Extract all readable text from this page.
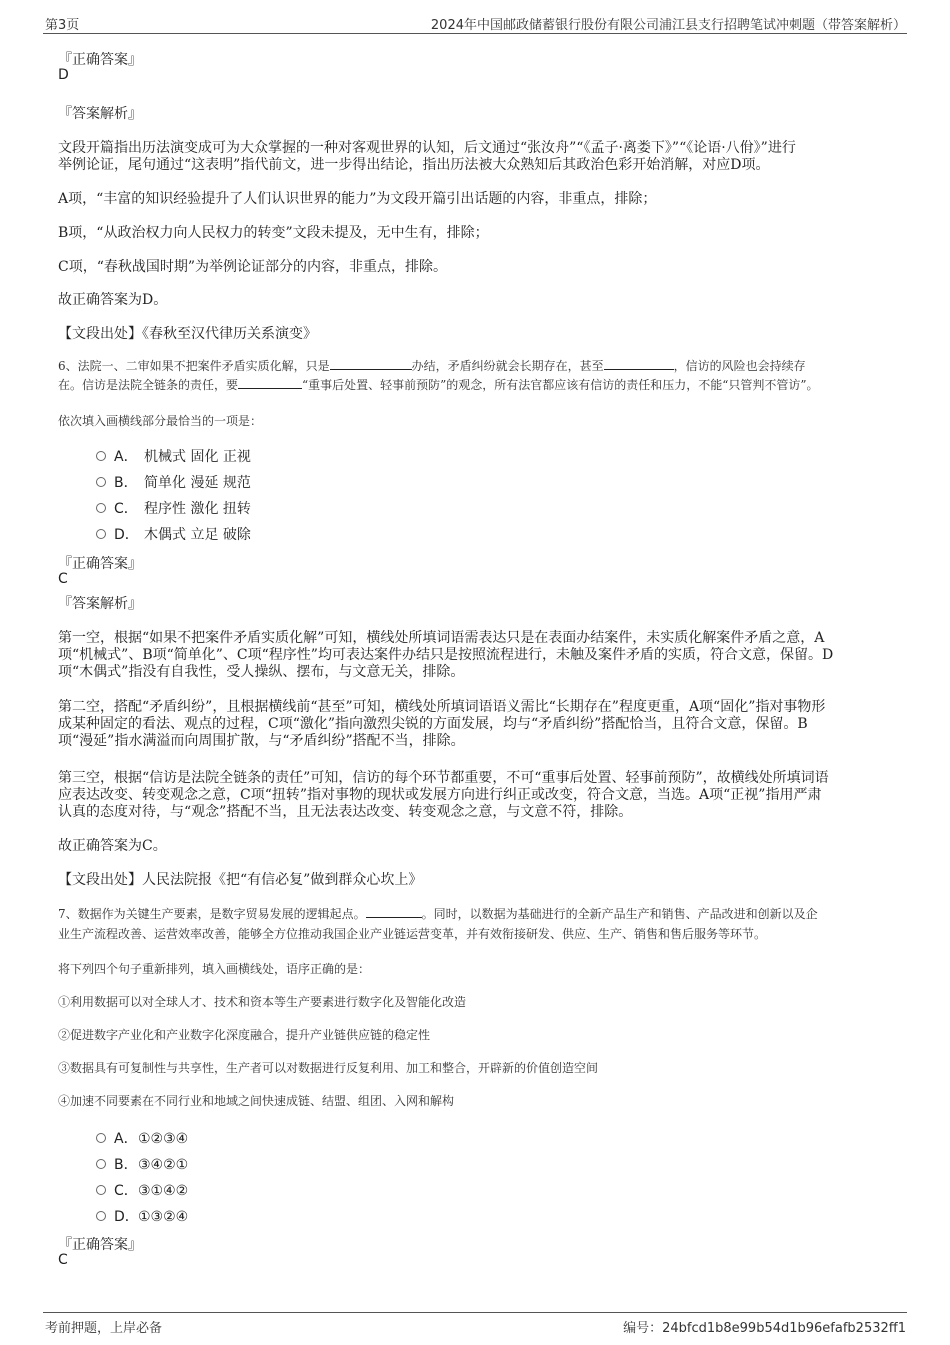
第3页	2024年中国邮政储蓄银行股份有限公司浦江县支行招聘笔试冲刺题（带答案解析）
『正确答案』
D
『答案解析』
文段开篇指出历法演变成可为大众掌握的一种对客观世界的认知，后文通过“张汝舟”“《孟子·离娄下》”“《论语·八佾》”进行
举例论证，尾句通过“这表明”指代前文，进一步得出结论，指出历法被大众熟知后其政治色彩开始消解，对应D项。
A项，“丰富的知识经验提升了人们认识世界的能力”为文段开篇引出话题的内容，非重点，排除；
B项，“从政治权力向人民权力的转变”文段未提及，无中生有，排除；
C项，“春秋战国时期”为举例论证部分的内容，非重点，排除。
故正确答案为D。
【文段出处】《春秋至汉代律历关系演变》
6、法院一、二审如果不把案件矛盾实质化解，只是	办结，矛盾纠纷就会长期存在，甚至	，信访的风险也会持续存
在。信访是法院全链条的责任，要	“重事后处置、轻事前预防”的观念，所有法官都应该有信访的责任和压力，不能“只管判不管访”。
依次填入画横线部分最恰当的一项是：
A． 机械式 固化 正视
B． 简单化 漫延 规范
C． 程序性 激化 扭转
D． 木偶式 立足 破除
『正确答案』
C
『答案解析』
第一空，根据“如果不把案件矛盾实质化解”可知，横线处所填词语需表达只是在表面办结案件，未实质化解案件矛盾之意，A
项“机械式”、B项“简单化”、C项“程序性”均可表达案件办结只是按照流程进行，未触及案件矛盾的实质，符合文意，保留。D
项“木偶式”指没有自我性，受人操纵、摆布，与文意无关，排除。
第二空，搭配“矛盾纠纷”，且根据横线前“甚至”可知，横线处所填词语语义需比“长期存在”程度更重，A项“固化”指对事物形
成某种固定的看法、观点的过程，C项“激化”指向激烈尖锐的方面发展，均与“矛盾纠纷”搭配恰当，且符合文意，保留。B
项“漫延”指水满溢而向周围扩散，与“矛盾纠纷”搭配不当，排除。
第三空，根据“信访是法院全链条的责任”可知，信访的每个环节都重要，不可“重事后处置、轻事前预防”，故横线处所填词语
应表达改变、转变观念之意，C项“扭转”指对事物的现状或发展方向进行纠正或改变，符合文意，当选。A项“正视”指用严肃
认真的态度对待，与“观念”搭配不当，且无法表达改变、转变观念之意，与文意不符，排除。
故正确答案为C。
【文段出处】人民法院报《把“有信必复”做到群众心坎上》
7、数据作为关键生产要素，是数字贸易发展的逻辑起点。	。同时，以数据为基础进行的全新产品生产和销售、产品改进和创新以及企
业生产流程改善、运营效率改善，能够全方位推动我国企业产业链运营变革，并有效衔接研发、供应、生产、销售和售后服务等环节。
将下列四个句子重新排列，填入画横线处，语序正确的是：
①利用数据可以对全球人才、技术和资本等生产要素进行数字化及智能化改造
②促进数字产业化和产业数字化深度融合，提升产业链供应链的稳定性
③数据具有可复制性与共享性，生产者可以对数据进行反复利用、加工和整合，开辟新的价值创造空间
④加速不同要素在不同行业和地域之间快速成链、结盟、组团、入网和解构
A．①②③④
B．③④②①
C．③①④②
D．①③②④
『正确答案』
C
考前押题，上岸必备	编号：24bfcd1b8e99b54d1b96efafb2532ff1
